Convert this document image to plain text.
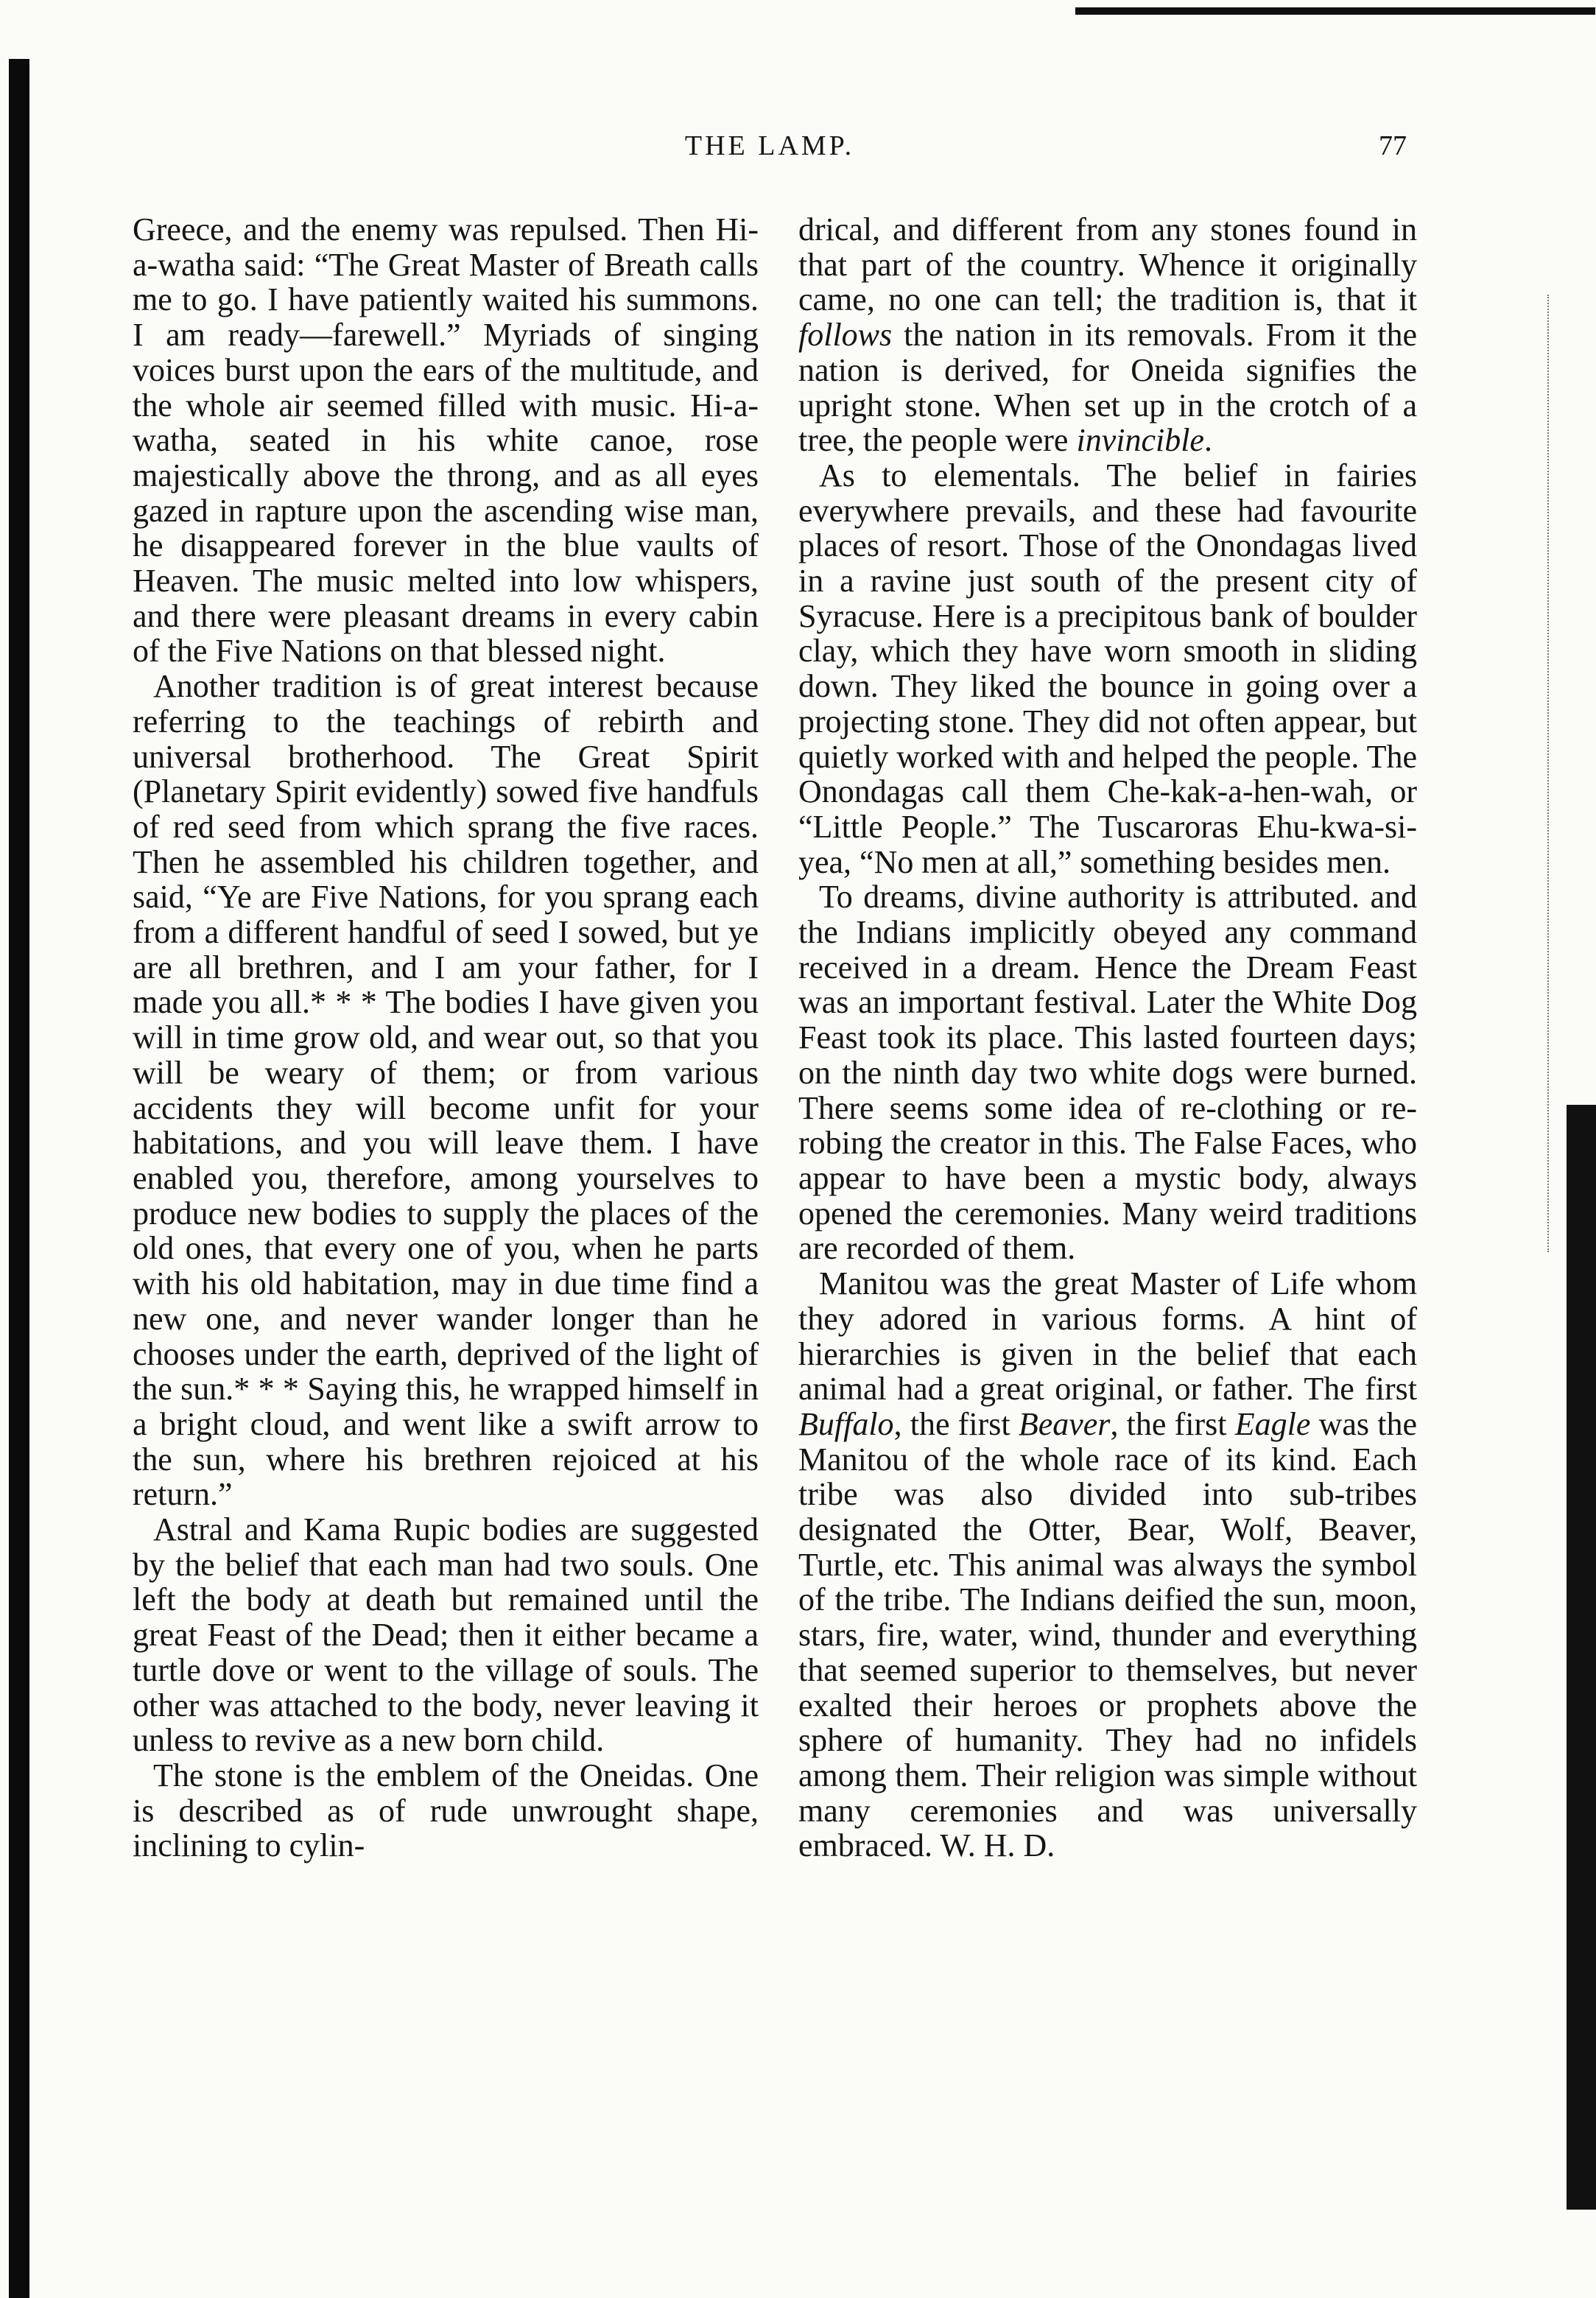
THE LAMP.	77

Greece, and the enemy was repulsed. Then Hi-a-watha said: “The Great Master of Breath calls me to go. I have patiently waited his summons. I am ready—farewell.” Myriads of singing voices burst upon the ears of the multitude, and the whole air seemed filled with music. Hi-a-watha, seated in his white canoe, rose majestically above the throng, and as all eyes gazed in rapture upon the ascending wise man, he disappeared forever in the blue vaults of Heaven. The music melted into low whispers, and there were pleasant dreams in every cabin of the Five Nations on that blessed night.

Another tradition is of great interest because referring to the teachings of rebirth and universal brotherhood. The Great Spirit (Planetary Spirit evidently) sowed five handfuls of red seed from which sprang the five races. Then he assembled his children together, and said, “Ye are Five Nations, for you sprang each from a different handful of seed I sowed, but ye are all brethren, and I am your father, for I made you all.* * * The bodies I have given you will in time grow old, and wear out, so that you will be weary of them; or from various accidents they will become unfit for your habitations, and you will leave them. I have enabled you, therefore, among yourselves to produce new bodies to supply the places of the old ones, that every one of you, when he parts with his old habitation, may in due time find a new one, and never wander longer than he chooses under the earth, deprived of the light of the sun.* * * Saying this, he wrapped himself in a bright cloud, and went like a swift arrow to the sun, where his brethren rejoiced at his return.”

Astral and Kama Rupic bodies are suggested by the belief that each man had two souls. One left the body at death but remained until the great Feast of the Dead; then it either became a turtle dove or went to the village of souls. The other was attached to the body, never leaving it unless to revive as a new born child.

The stone is the emblem of the Oneidas. One is described as of rude unwrought shape, inclining to cylin-

drical, and different from any stones found in that part of the country. Whence it originally came, no one can tell; the tradition is, that it follows the nation in its removals. From it the nation is derived, for Oneida signifies the upright stone. When set up in the crotch of a tree, the people were invincible.

As to elementals. The belief in fairies everywhere prevails, and these had favourite places of resort. Those of the Onondagas lived in a ravine just south of the present city of Syracuse. Here is a precipitous bank of boulder clay, which they have worn smooth in sliding down. They liked the bounce in going over a projecting stone. They did not often appear, but quietly worked with and helped the people. The Onondagas call them Che-kak-a-hen-wah, or “Little People.” The Tuscaroras Ehu-kwa-si-yea, “No men at all,” something besides men.

To dreams, divine authority is attributed. and the Indians implicitly obeyed any command received in a dream. Hence the Dream Feast was an important festival. Later the White Dog Feast took its place. This lasted fourteen days; on the ninth day two white dogs were burned. There seems some idea of re-clothing or re-robing the creator in this. The False Faces, who appear to have been a mystic body, always opened the ceremonies. Many weird traditions are recorded of them.

Manitou was the great Master of Life whom they adored in various forms. A hint of hierarchies is given in the belief that each animal had a great original, or father. The first Buffalo, the first Beaver, the first Eagle was the Manitou of the whole race of its kind. Each tribe was also divided into sub-tribes designated the Otter, Bear, Wolf, Beaver, Turtle, etc. This animal was always the symbol of the tribe. The Indians deified the sun, moon, stars, fire, water, wind, thunder and everything that seemed superior to themselves, but never exalted their heroes or prophets above the sphere of humanity. They had no infidels among them. Their religion was simple without many ceremonies and was universally embraced. W. H. D.
